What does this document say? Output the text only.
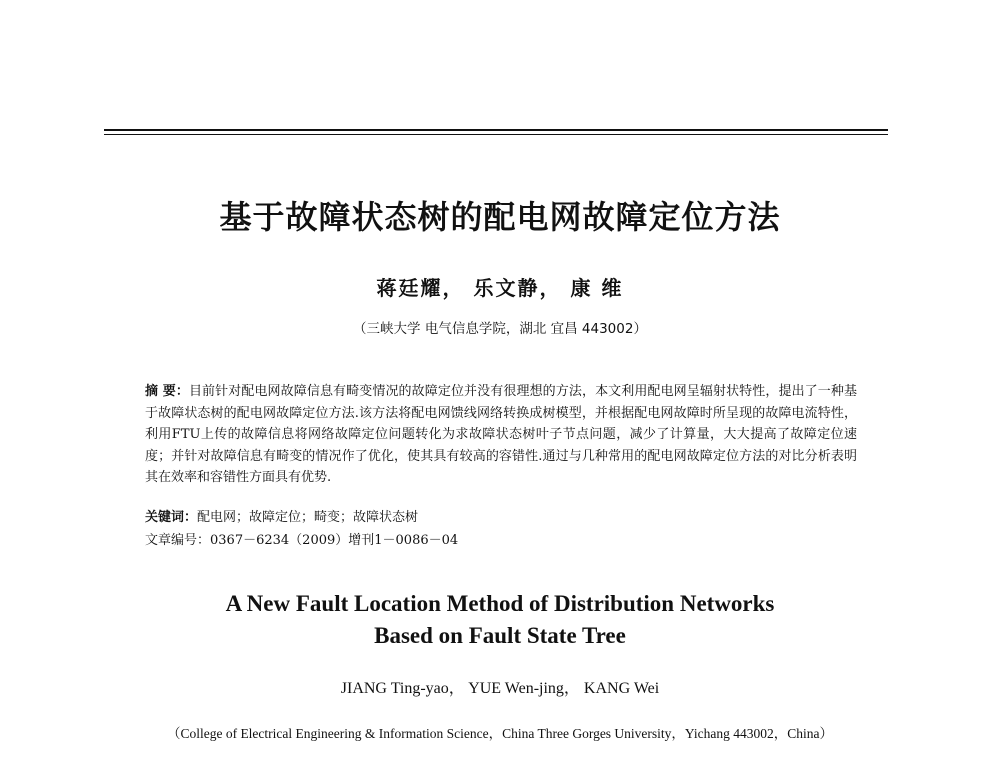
基于故障状态树的配电网故障定位方法
蒋廷耀， 乐文静， 康 维
（三峡大学 电气信息学院，湖北 宜昌 443002）
摘 要：目前针对配电网故障信息有畸变情况的故障定位并没有很理想的方法，本文利用配电网呈辐射状特性，提出了一种基于故障状态树的配电网故障定位方法.该方法将配电网馈线网络转换成树模型，并根据配电网故障时所呈现的故障电流特性，利用FTU上传的故障信息将网络故障定位问题转化为求故障状态树叶子节点问题，减少了计算量，大大提高了故障定位速度；并针对故障信息有畸变的情况作了优化，使其具有较高的容错性.通过与几种常用的配电网故障定位方法的对比分析表明其在效率和容错性方面具有优势.
关键词：配电网；故障定位；畸变；故障状态树
文章编号：0367－6234（2009）增刊1－0086－04
A New Fault Location Method of Distribution Networks
Based on Fault State Tree
JIANG Ting-yao， YUE Wen-jing， KANG Wei
（College of Electrical Engineering & Information Science，China Three Gorges University，Yichang 443002，China）
